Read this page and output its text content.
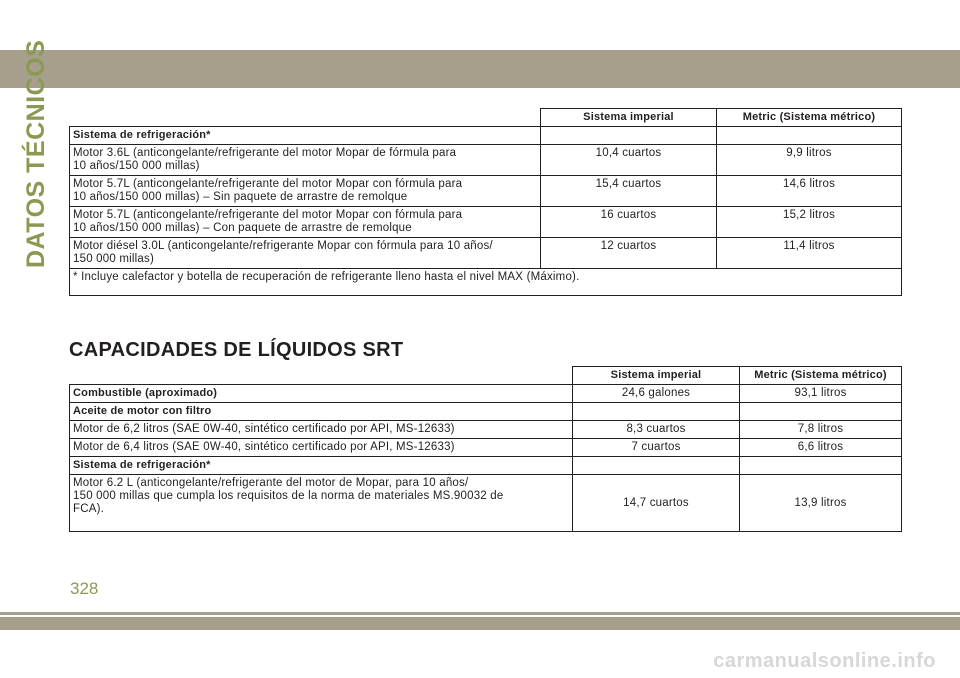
DATOS TÉCNICOS
		Sistema imperial	Metric (Sistema métrico)
Sistema de refrigeración*		
Motor 3.6L (anticongelante/refrigerante del motor Mopar de fórmula para
10 años/150 000 millas)	10,4 cuartos	9,9 litros
Motor 5.7L (anticongelante/refrigerante del motor Mopar con fórmula para
10 años/150 000 millas) – Sin paquete de arrastre de remolque	15,4 cuartos	14,6 litros
Motor 5.7L (anticongelante/refrigerante del motor Mopar con fórmula para
10 años/150 000 millas) – Con paquete de arrastre de remolque	16 cuartos	15,2 litros
Motor diésel 3.0L (anticongelante/refrigerante Mopar con fórmula para 10 años/
150 000 millas)	12 cuartos	11,4 litros
* Incluye calefactor y botella de recuperación de refrigerante lleno hasta el nivel MAX (Máximo).		
CAPACIDADES DE LÍQUIDOS SRT
	Sistema imperial	Metric (Sistema métrico)
Combustible (aproximado)	24,6 galones	93,1 litros
Aceite de motor con filtro		
Motor de 6,2 litros (SAE 0W-40, sintético certificado por API, MS-12633)	8,3 cuartos	7,8 litros
Motor de 6,4 litros (SAE 0W-40, sintético certificado por API, MS-12633)	7 cuartos	6,6 litros
Sistema de refrigeración*		
Motor 6.2 L (anticongelante/refrigerante del motor de Mopar, para 10 años/
150 000 millas que cumpla los requisitos de la norma de materiales MS.90032 de
FCA).	14,7 cuartos	13,9 litros
328
carmanualsonline.info
